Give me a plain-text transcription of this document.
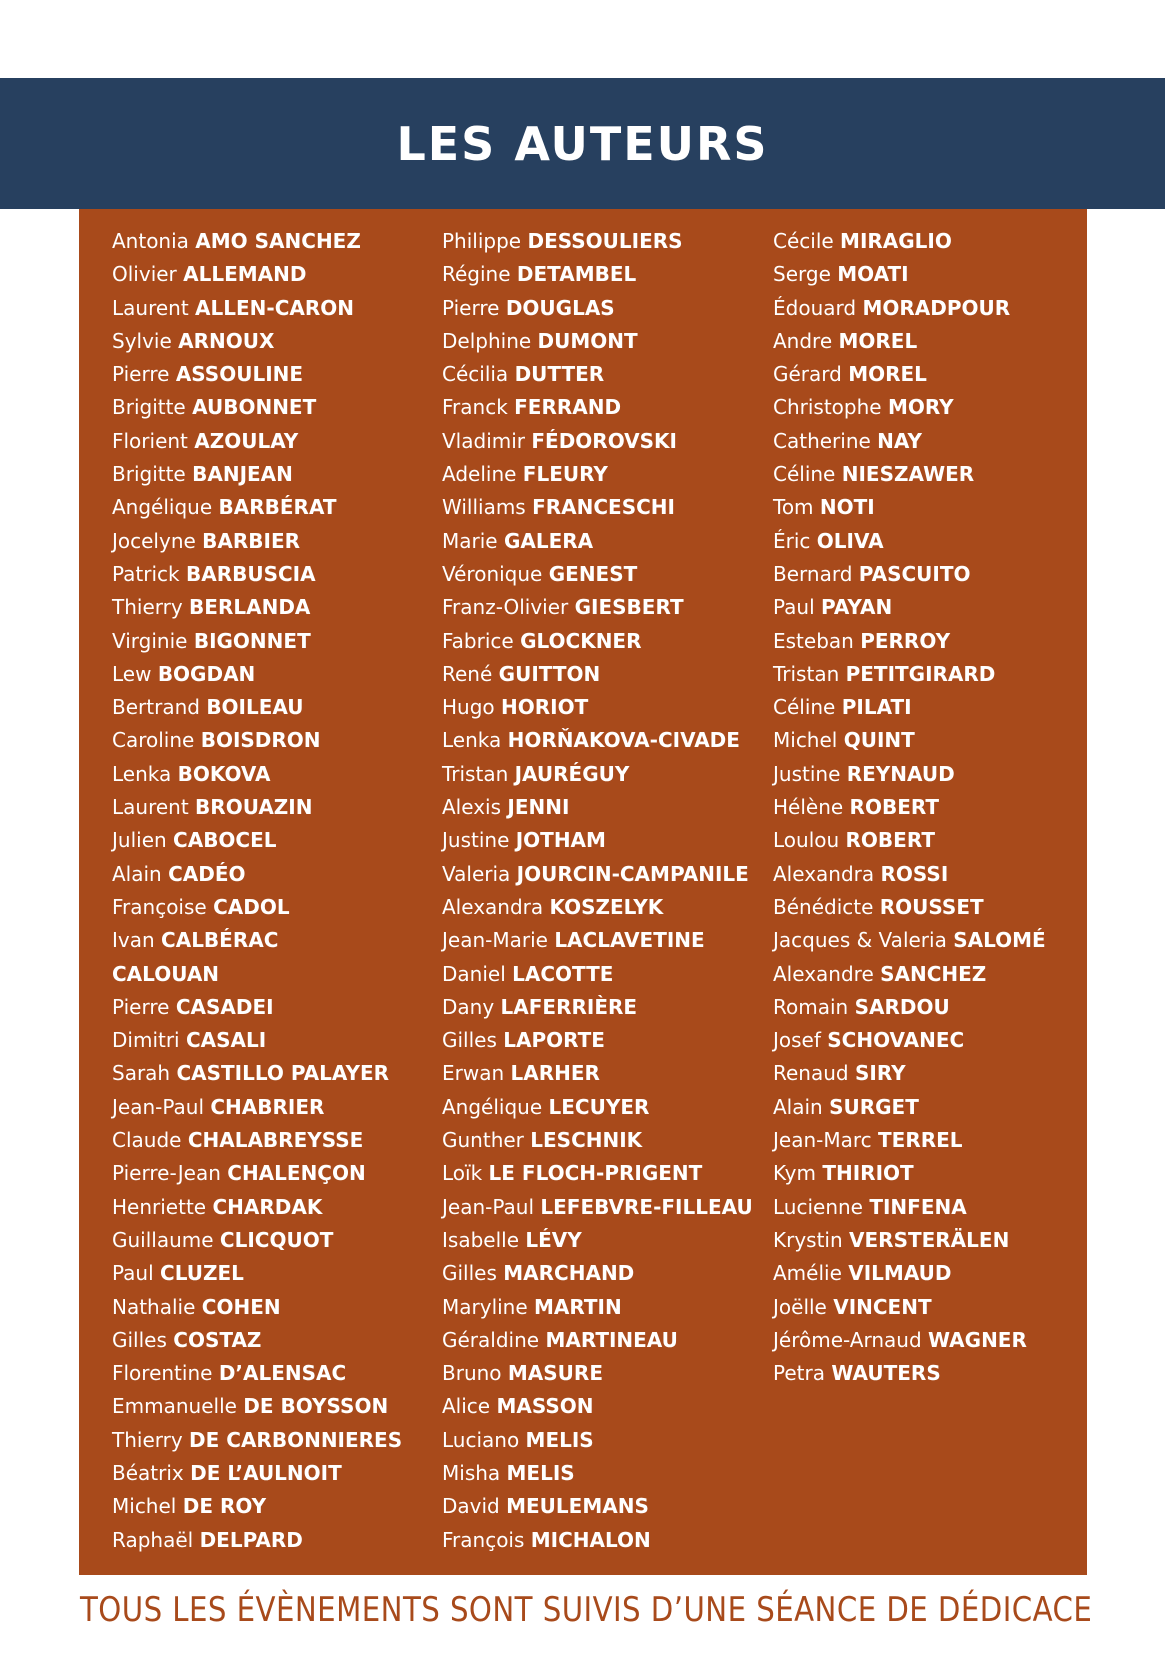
LES AUTEURS
Antonia AMO SANCHEZ
Olivier ALLEMAND
Laurent ALLEN-CARON
Sylvie ARNOUX
Pierre ASSOULINE
Brigitte AUBONNET
Florient AZOULAY
Brigitte BANJEAN
Angélique BARBÉRAT
Jocelyne BARBIER
Patrick BARBUSCIA
Thierry BERLANDA
Virginie BIGONNET
Lew BOGDAN
Bertrand BOILEAU
Caroline BOISDRON
Lenka BOKOVA
Laurent BROUAZIN
Julien CABOCEL
Alain CADÉO
Françoise CADOL
Ivan CALBÉRAC
CALOUAN
Pierre CASADEI
Dimitri CASALI
Sarah CASTILLO PALAYER
Jean-Paul CHABRIER
Claude CHALABREYSSE
Pierre-Jean CHALENÇON
Henriette CHARDAK
Guillaume CLICQUOT
Paul CLUZEL
Nathalie COHEN
Gilles COSTAZ
Florentine D’ALENSAC
Emmanuelle DE BOYSSON
Thierry DE CARBONNIERES
Béatrix DE L’AULNOIT
Michel DE ROY
Raphaël DELPARD
Philippe DESSOULIERS
Régine DETAMBEL
Pierre DOUGLAS
Delphine DUMONT
Cécilia DUTTER
Franck FERRAND
Vladimir FÉDOROVSKI
Adeline FLEURY
Williams FRANCESCHI
Marie GALERA
Véronique GENEST
Franz-Olivier GIESBERT
Fabrice GLOCKNER
René GUITTON
Hugo HORIOT
Lenka HORŇAKOVA-CIVADE
Tristan JAURÉGUY
Alexis JENNI
Justine JOTHAM
Valeria JOURCIN-CAMPANILE
Alexandra KOSZELYK
Jean-Marie LACLAVETINE
Daniel LACOTTE
Dany LAFERRIÈRE
Gilles LAPORTE
Erwan LARHER
Angélique LECUYER
Gunther LESCHNIK
Loïk LE FLOCH-PRIGENT
Jean-Paul LEFEBVRE-FILLEAU
Isabelle LÉVY
Gilles MARCHAND
Maryline MARTIN
Géraldine MARTINEAU
Bruno MASURE
Alice MASSON
Luciano MELIS
Misha MELIS
David MEULEMANS
François MICHALON
Cécile MIRAGLIO
Serge MOATI
Édouard MORADPOUR
Andre MOREL
Gérard MOREL
Christophe MORY
Catherine NAY
Céline NIESZAWER
Tom NOTI
Éric OLIVA
Bernard PASCUITO
Paul PAYAN
Esteban PERROY
Tristan PETITGIRARD
Céline PILATI
Michel QUINT
Justine REYNAUD
Hélène ROBERT
Loulou ROBERT
Alexandra ROSSI
Bénédicte ROUSSET
Jacques & Valeria SALOMÉ
Alexandre SANCHEZ
Romain SARDOU
Josef SCHOVANEC
Renaud SIRY
Alain SURGET
Jean-Marc TERREL
Kym THIRIOT
Lucienne TINFENA
Krystin VERSTERÄLEN
Amélie VILMAUD
Joëlle VINCENT
Jérôme-Arnaud WAGNER
Petra WAUTERS
TOUS LES ÉVÈNEMENTS SONT SUIVIS D’UNE SÉANCE DE DÉDICACE
